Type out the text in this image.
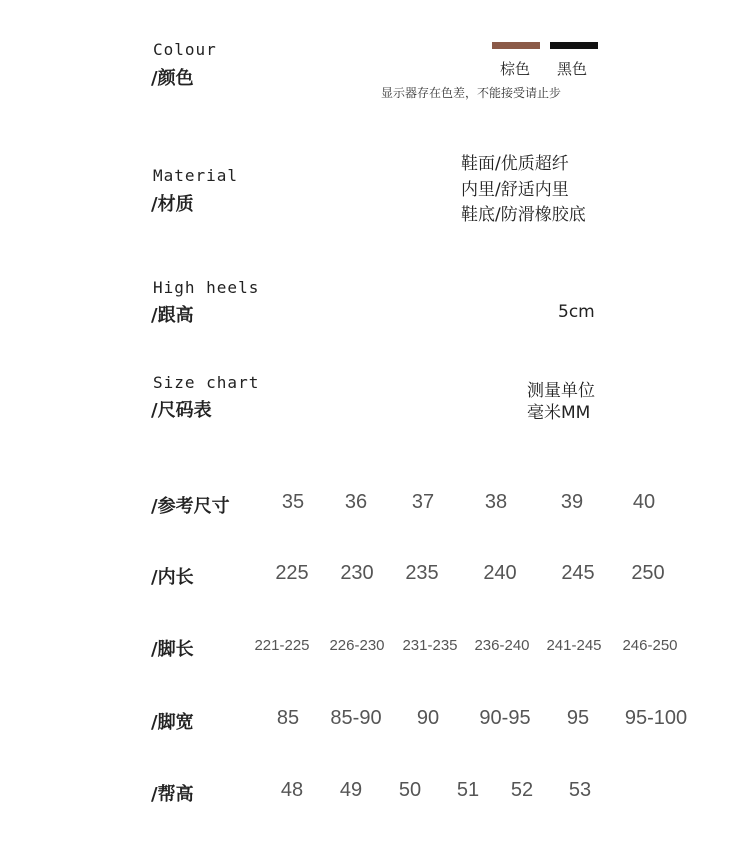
Colour
/颜色	棕色 黑色
显示器存在色差，不能接受请止步
Material
/材质
鞋面/优质超纤
内里/舒适内里
鞋底/防滑橡胶底
High heels
/跟高	5cm
Size chart
/尺码表
测量单位
毫米MM
/参考尺寸	35 36 37	38	39 40
/内长	225 230 235 240 245 250
/脚长	221-225 226-230 231-235 236-240 241-245 246-250
/脚宽	85 85-90 90 90-95 95 95-100
/帮高	48 49 50 51 52 53
